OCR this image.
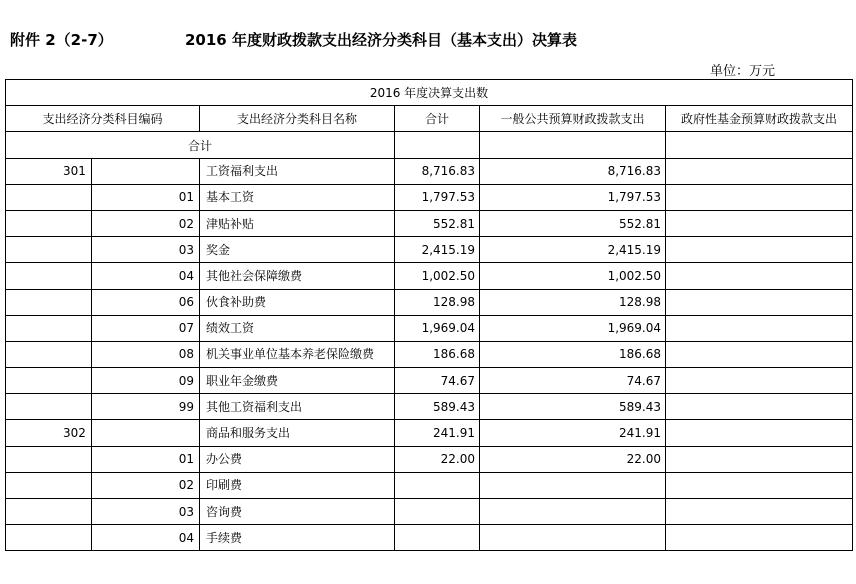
附件 2（2-7）	2016 年度财政拨款支出经济分类科目（基本支出）决算表
单位：万元
2016 年度决算支出数					
支出经济分类科目编码		支出经济分类科目名称	合计	一般公共预算财政拨款支出	政府性基金预算财政拨款支出
合计					
301		工资福利支出	8,716.83	8,716.83	
	01	基本工资	1,797.53	1,797.53	
	02	津贴补贴	552.81	552.81	
	03	奖金	2,415.19	2,415.19	
	04	其他社会保障缴费	1,002.50	1,002.50	
	06	伙食补助费	128.98	128.98	
	07	绩效工资	1,969.04	1,969.04	
	08	机关事业单位基本养老保险缴费	186.68	186.68	
	09	职业年金缴费	74.67	74.67	
	99	其他工资福利支出	589.43	589.43	
302		商品和服务支出	241.91	241.91	
	01	办公费	22.00	22.00	
	02	印刷费			
	03	咨询费			
	04	手续费			
